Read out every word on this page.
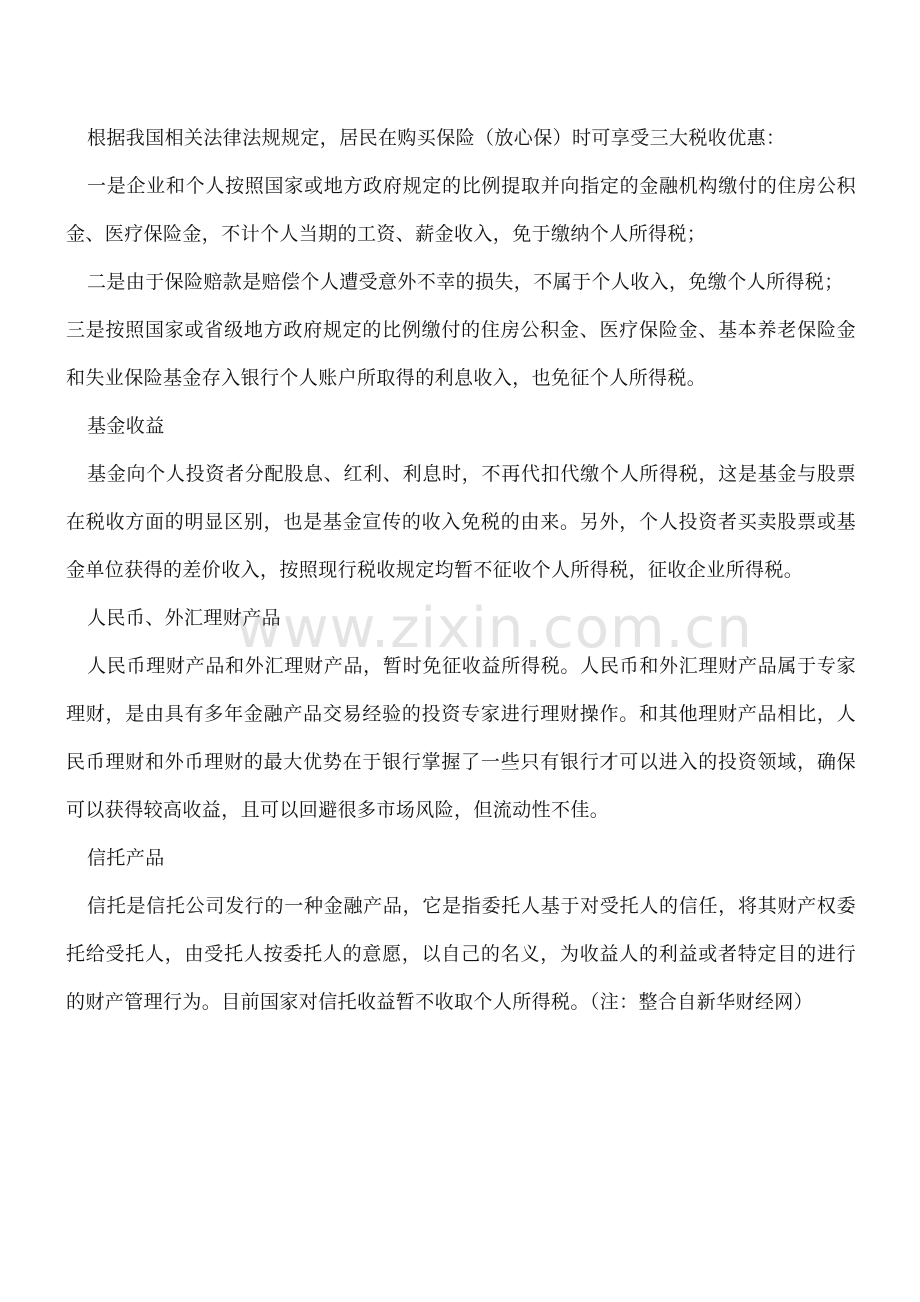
www.zixin.com.cn

根据我国相关法律法规规定，居民在购买保险（放心保）时可享受三大税收优惠：

一是企业和个人按照国家或地方政府规定的比例提取并向指定的金融机构缴付的住房公积金、医疗保险金，不计个人当期的工资、薪金收入，免于缴纳个人所得税；

二是由于保险赔款是赔偿个人遭受意外不幸的损失，不属于个人收入，免缴个人所得税；

三是按照国家或省级地方政府规定的比例缴付的住房公积金、医疗保险金、基本养老保险金和失业保险基金存入银行个人账户所取得的利息收入，也免征个人所得税。

基金收益

基金向个人投资者分配股息、红利、利息时，不再代扣代缴个人所得税，这是基金与股票在税收方面的明显区别，也是基金宣传的收入免税的由来。另外，个人投资者买卖股票或基金单位获得的差价收入，按照现行税收规定均暂不征收个人所得税，征收企业所得税。

人民币、外汇理财产品

人民币理财产品和外汇理财产品，暂时免征收益所得税。人民币和外汇理财产品属于专家理财，是由具有多年金融产品交易经验的投资专家进行理财操作。和其他理财产品相比，人民币理财和外币理财的最大优势在于银行掌握了一些只有银行才可以进入的投资领域，确保可以获得较高收益，且可以回避很多市场风险，但流动性不佳。

信托产品

信托是信托公司发行的一种金融产品，它是指委托人基于对受托人的信任，将其财产权委托给受托人，由受托人按委托人的意愿，以自己的名义，为收益人的利益或者特定目的进行的财产管理行为。目前国家对信托收益暂不收取个人所得税。（注：整合自新华财经网）
